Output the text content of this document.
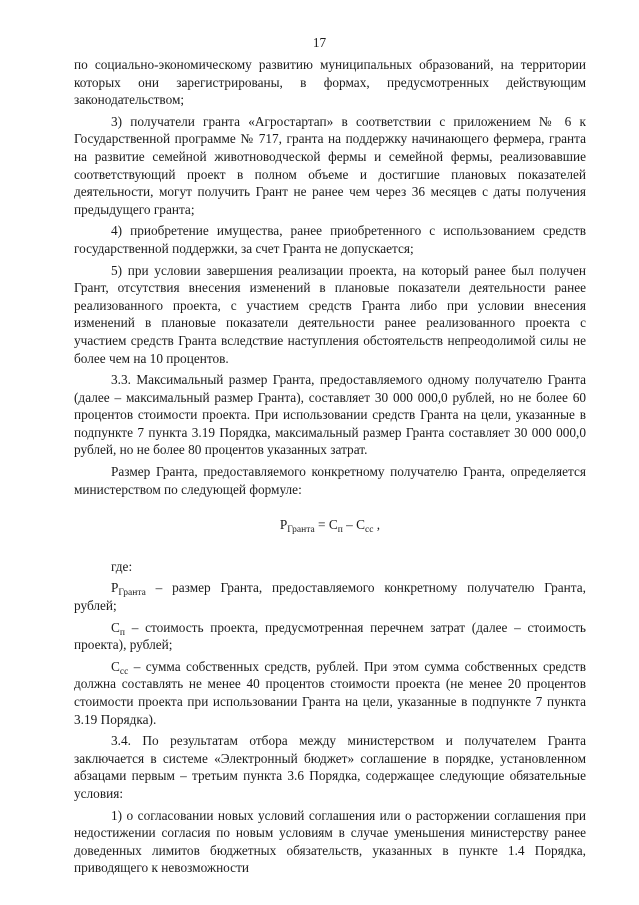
17

по социально-экономическому развитию муниципальных образований, на территории которых они зарегистрированы, в формах, предусмотренных действующим законодательством;

3) получатели гранта «Агростартап» в соответствии с приложением № 6 к Государственной программе № 717, гранта на поддержку начинающего фермера, гранта на развитие семейной животноводческой фермы и семейной фермы, реализовавшие соответствующий проект в полном объеме и достигшие плановых показателей деятельности, могут получить Грант не ранее чем через 36 месяцев с даты получения предыдущего гранта;

4) приобретение имущества, ранее приобретенного с использованием средств государственной поддержки, за счет Гранта не допускается;

5) при условии завершения реализации проекта, на который ранее был получен Грант, отсутствия внесения изменений в плановые показатели деятельности ранее реализованного проекта, с участием средств Гранта либо при условии внесения изменений в плановые показатели деятельности ранее реализованного проекта с участием средств Гранта вследствие наступления обстоятельств непреодолимой силы не более чем на 10 процентов.

3.3. Максимальный размер Гранта, предоставляемого одному получателю Гранта (далее – максимальный размер Гранта), составляет 30 000 000,0 рублей, но не более 60 процентов стоимости проекта. При использовании средств Гранта на цели, указанные в подпункте 7 пункта 3.19 Порядка, максимальный размер Гранта составляет 30 000 000,0 рублей, но не более 80 процентов указанных затрат.

Размер Гранта, предоставляемого конкретному получателю Гранта, определяется министерством по следующей формуле:

$Р_{Гранта} = С_п - С_{сс}$ ,

где:

$Р_{Гранта}$ – размер Гранта, предоставляемого конкретному получателю Гранта, рублей;

$С_п$ – стоимость проекта, предусмотренная перечнем затрат (далее – стоимость проекта), рублей;

$С_{сс}$ – сумма собственных средств, рублей. При этом сумма собственных средств должна составлять не менее 40 процентов стоимости проекта (не менее 20 процентов стоимости проекта при использовании Гранта на цели, указанные в подпункте 7 пункта 3.19 Порядка).

3.4. По результатам отбора между министерством и получателем Гранта заключается в системе «Электронный бюджет» соглашение в порядке, установленном абзацами первым – третьим пункта 3.6 Порядка, содержащее следующие обязательные условия:

1) о согласовании новых условий соглашения или о расторжении соглашения при недостижении согласия по новым условиям в случае уменьшения министерству ранее доведенных лимитов бюджетных обязательств, указанных в пункте 1.4 Порядка, приводящего к невозможности
